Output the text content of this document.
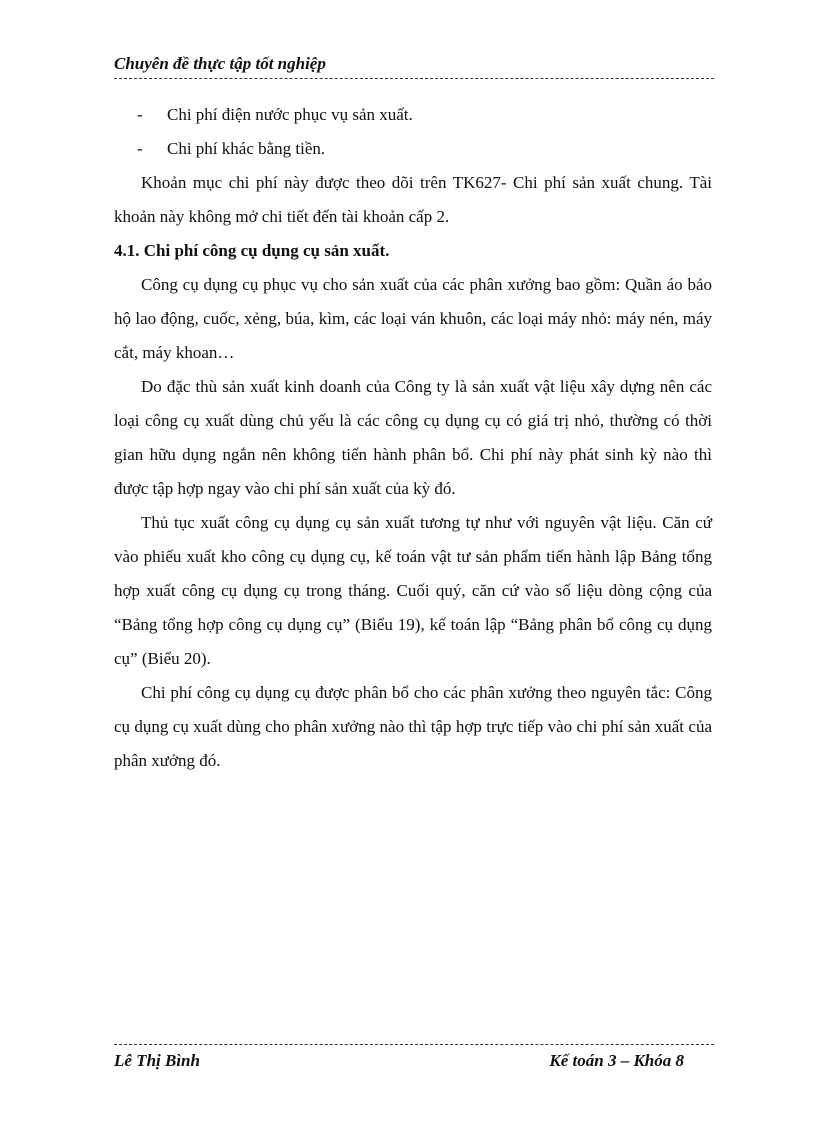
Chuyên đề thực tập tốt nghiệp

-	Chi phí điện nước phục vụ sản xuất.

-	Chi phí khác bằng tiền.

Khoản mục chi phí này được theo dõi trên TK627- Chi phí sản xuất chung. Tài khoản này không mở chi tiết đến tài khoản cấp 2.

4.1. Chi phí công cụ dụng cụ sản xuất.

Công cụ dụng cụ phục vụ cho sản xuất của các phân xưởng bao gồm: Quần áo bảo hộ lao động, cuốc, xẻng, búa, kìm, các loại ván khuôn, các loại máy nhỏ: máy nén, máy cắt, máy khoan…

Do đặc thù sản xuất kinh doanh của Công ty là sản xuất vật liệu xây dựng nên các loại công cụ xuất dùng chủ yếu là các công cụ dụng cụ có giá trị nhỏ, thường có thời gian hữu dụng ngắn nên không tiến hành phân bổ. Chi phí này phát sinh kỳ nào thì được tập hợp ngay vào chi phí sản xuất của kỳ đó.

Thủ tục xuất công cụ dụng cụ sản xuất tương tự như với nguyên vật liệu. Căn cứ vào phiếu xuất kho công cụ dụng cụ, kế toán vật tư sản phẩm tiến hành lập Bảng tổng hợp xuất công cụ dụng cụ trong tháng. Cuối quý, căn cứ vào số liệu dòng cộng của “Bảng tổng hợp công cụ dụng cụ” (Biểu 19), kế toán lập “Bảng phân bổ công cụ dụng cụ” (Biểu 20).

Chi phí công cụ dụng cụ được phân bổ cho các phân xưởng theo nguyên tắc: Công cụ dụng cụ xuất dùng cho phân xưởng nào thì tập hợp trực tiếp vào chi phí sản xuất của phân xưởng đó.

Lê Thị Bình	Kế toán 3 – Khóa 8
